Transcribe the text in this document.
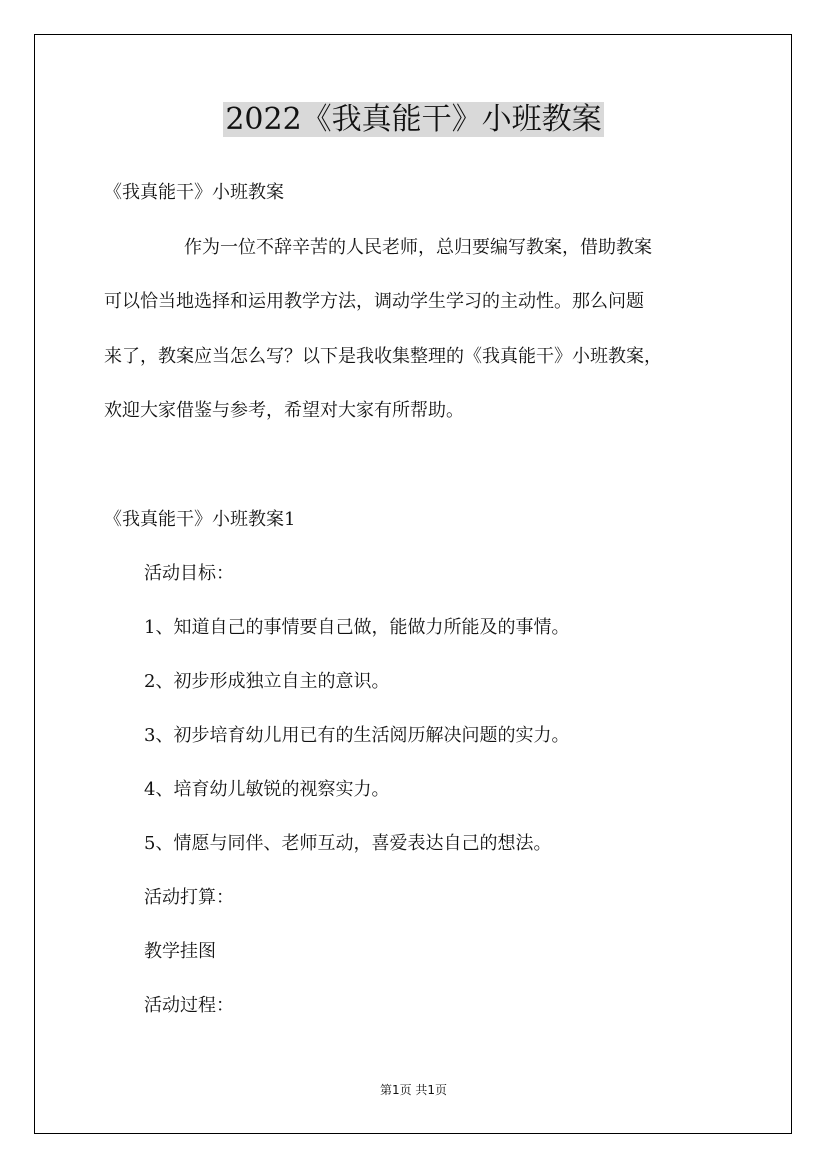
2022《我真能干》小班教案
《我真能干》小班教案
作为一位不辞辛苦的人民老师，总归要编写教案，借助教案
可以恰当地选择和运用教学方法，调动学生学习的主动性。那么问题
来了，教案应当怎么写？以下是我收集整理的《我真能干》小班教案，
欢迎大家借鉴与参考，希望对大家有所帮助。
《我真能干》小班教案1
活动目标：
1、知道自己的事情要自己做，能做力所能及的事情。
2、初步形成独立自主的意识。
3、初步培育幼儿用已有的生活阅历解决问题的实力。
4、培育幼儿敏锐的视察实力。
5、情愿与同伴、老师互动，喜爱表达自己的想法。
活动打算：
教学挂图
活动过程：
第1页 共1页
